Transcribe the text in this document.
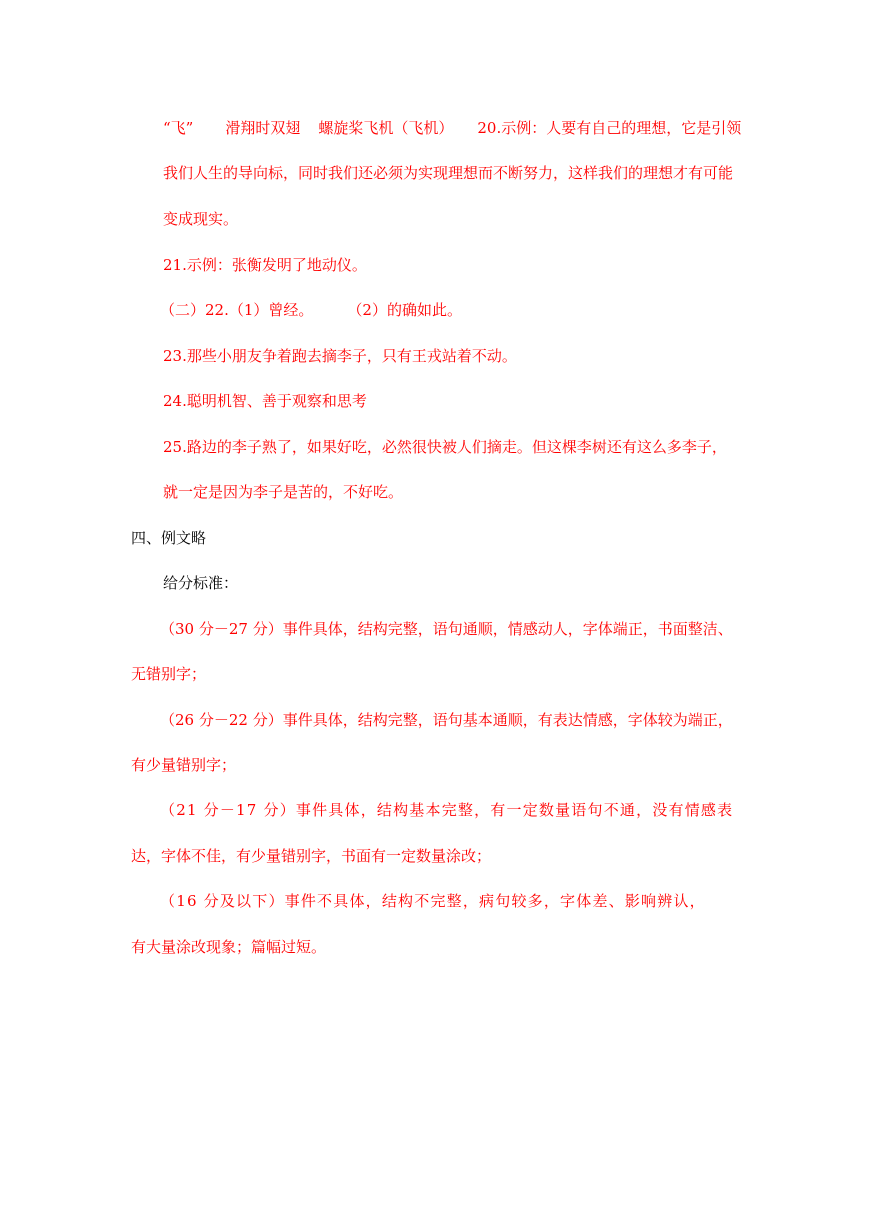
“飞” 滑翔时双翅 螺旋桨飞机（飞机） 20.示例：人要有自己的理想，它是引领

我们人生的导向标，同时我们还必须为实现理想而不断努力，这样我们的理想才有可能

变成现实。

21.示例：张衡发明了地动仪。

（二）22.（1）曾经。 （2）的确如此。

23.那些小朋友争着跑去摘李子，只有王戎站着不动。

24.聪明机智、善于观察和思考

25.路边的李子熟了，如果好吃，必然很快被人们摘走。但这棵李树还有这么多李子，

就一定是因为李子是苦的，不好吃。

四、例文略

给分标准：

（30 分－27 分）事件具体，结构完整，语句通顺，情感动人，字体端正，书面整洁、

无错别字；

（26 分－22 分）事件具体，结构完整，语句基本通顺，有表达情感，字体较为端正，

有少量错别字；

（21 分－17 分）事件具体，结构基本完整，有一定数量语句不通，没有情感表

达，字体不佳，有少量错别字，书面有一定数量涂改；

（16 分及以下）事件不具体，结构不完整，病句较多，字体差、影响辨认，

有大量涂改现象；篇幅过短。
